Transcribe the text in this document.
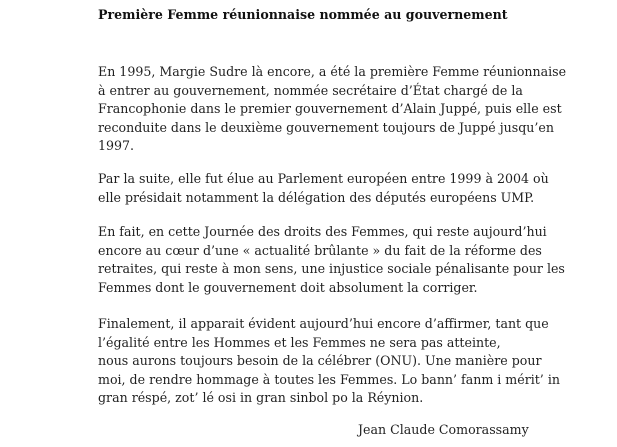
Première Femme réunionnaise nommée au gouvernement
En 1995, Margie Sudre là encore, a été la première Femme réunionnaise
à entrer au gouvernement, nommée secrétaire d’État chargé de la
Francophonie dans le premier gouvernement d’Alain Juppé, puis elle est
reconduite dans le deuxième gouvernement toujours de Juppé jusqu’en
1997.
Par la suite, elle fut élue au Parlement européen entre 1999 à 2004 où
elle présidait notamment la délégation des députés européens UMP.
En fait, en cette Journée des droits des Femmes, qui reste aujourd’hui
encore au cœur d’une « actualité brûlante » du fait de la réforme des
retraites, qui reste à mon sens, une injustice sociale pénalisante pour les
Femmes dont le gouvernement doit absolument la corriger.
Finalement, il apparait évident aujourd’hui encore d’affirmer, tant que
l’égalité entre les Hommes et les Femmes ne sera pas atteinte,
nous aurons toujours besoin de la célébrer (ONU). Une manière pour
moi, de rendre hommage à toutes les Femmes. Lo bann’ fanm i mérit’ in
gran réspé, zot’ lé osi in gran sinbol po la Réynion.
Jean Claude Comorassamy
